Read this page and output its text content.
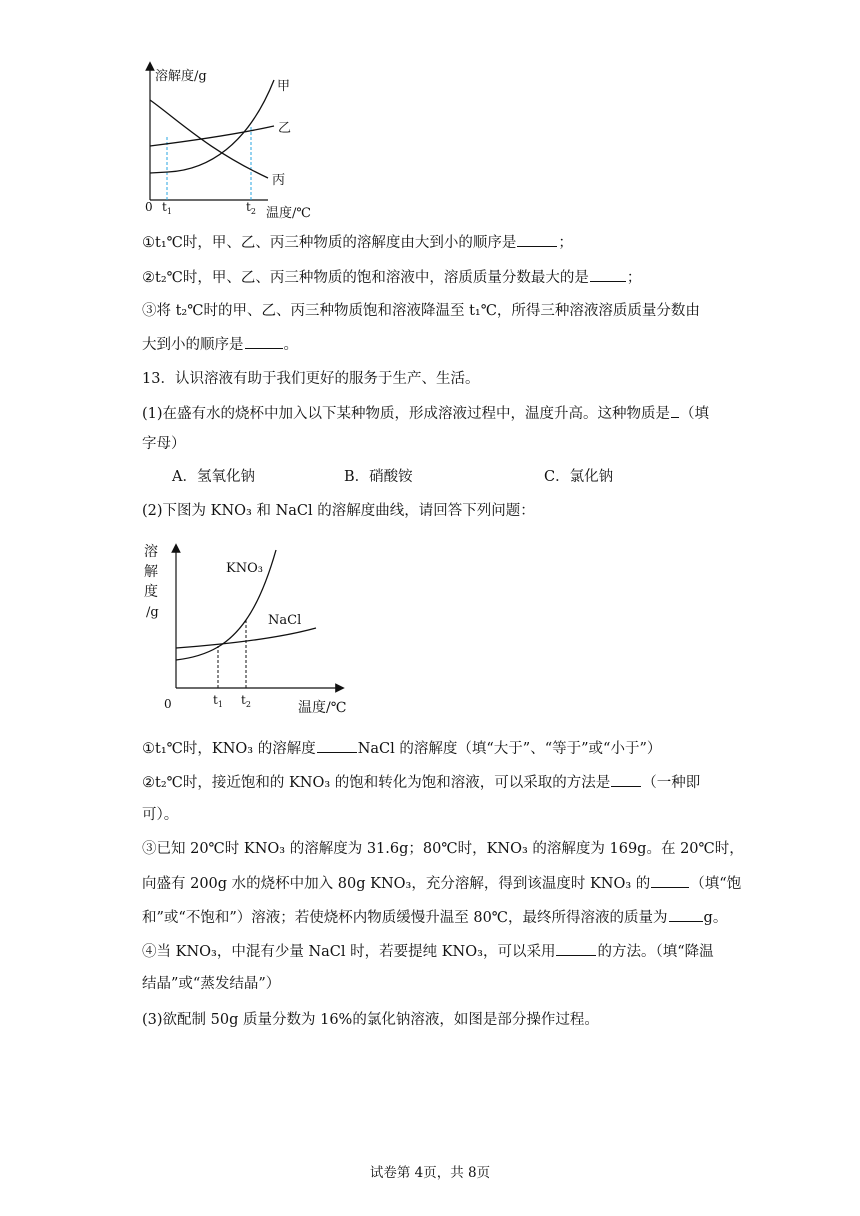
溶解度/g
甲
乙
丙
0 $t_1$	$t_2$ 温度/℃
①t₁℃时，甲、乙、丙三种物质的溶解度由大到小的顺序是	；
②t₂℃时，甲、乙、丙三种物质的饱和溶液中，溶质质量分数最大的是	；
③将 t₂℃时的甲、乙、丙三种物质饱和溶液降温至 t₁℃，所得三种溶液溶质质量分数由
大到小的顺序是	。
13．认识溶液有助于我们更好的服务于生产、生活。
(1)在盛有水的烧杯中加入以下某种物质，形成溶液过程中，温度升高。这种物质是 （填
字母）
A．氢氧化钠	B．硝酸铵	C．氯化钠
(2)下图为 KNO₃ 和 NaCl 的溶解度曲线，请回答下列问题：
溶
解
度
/g
KNO₃
NaCl
0	$t_1$ $t_2$	温度/℃
①t₁℃时，KNO₃ 的溶解度	NaCl 的溶解度（填“大于”、“等于”或“小于”）
②t₂℃时，接近饱和的 KNO₃ 的饱和转化为饱和溶液，可以采取的方法是 （一种即
可）。
③已知 20℃时 KNO₃ 的溶解度为 31.6g；80℃时，KNO₃ 的溶解度为 169g。在 20℃时，
向盛有 200g 水的烧杯中加入 80g KNO₃，充分溶解，得到该温度时 KNO₃ 的	（填“饱
和”或“不饱和”）溶液；若使烧杯内物质缓慢升温至 80℃，最终所得溶液的质量为 g。
④当 KNO₃，中混有少量 NaCl 时，若要提纯 KNO₃，可以采用	的方法。（填“降温
结晶”或“蒸发结晶”）
(3)欲配制 50g 质量分数为 16%的氯化钠溶液，如图是部分操作过程。
试卷第 4页，共 8页
